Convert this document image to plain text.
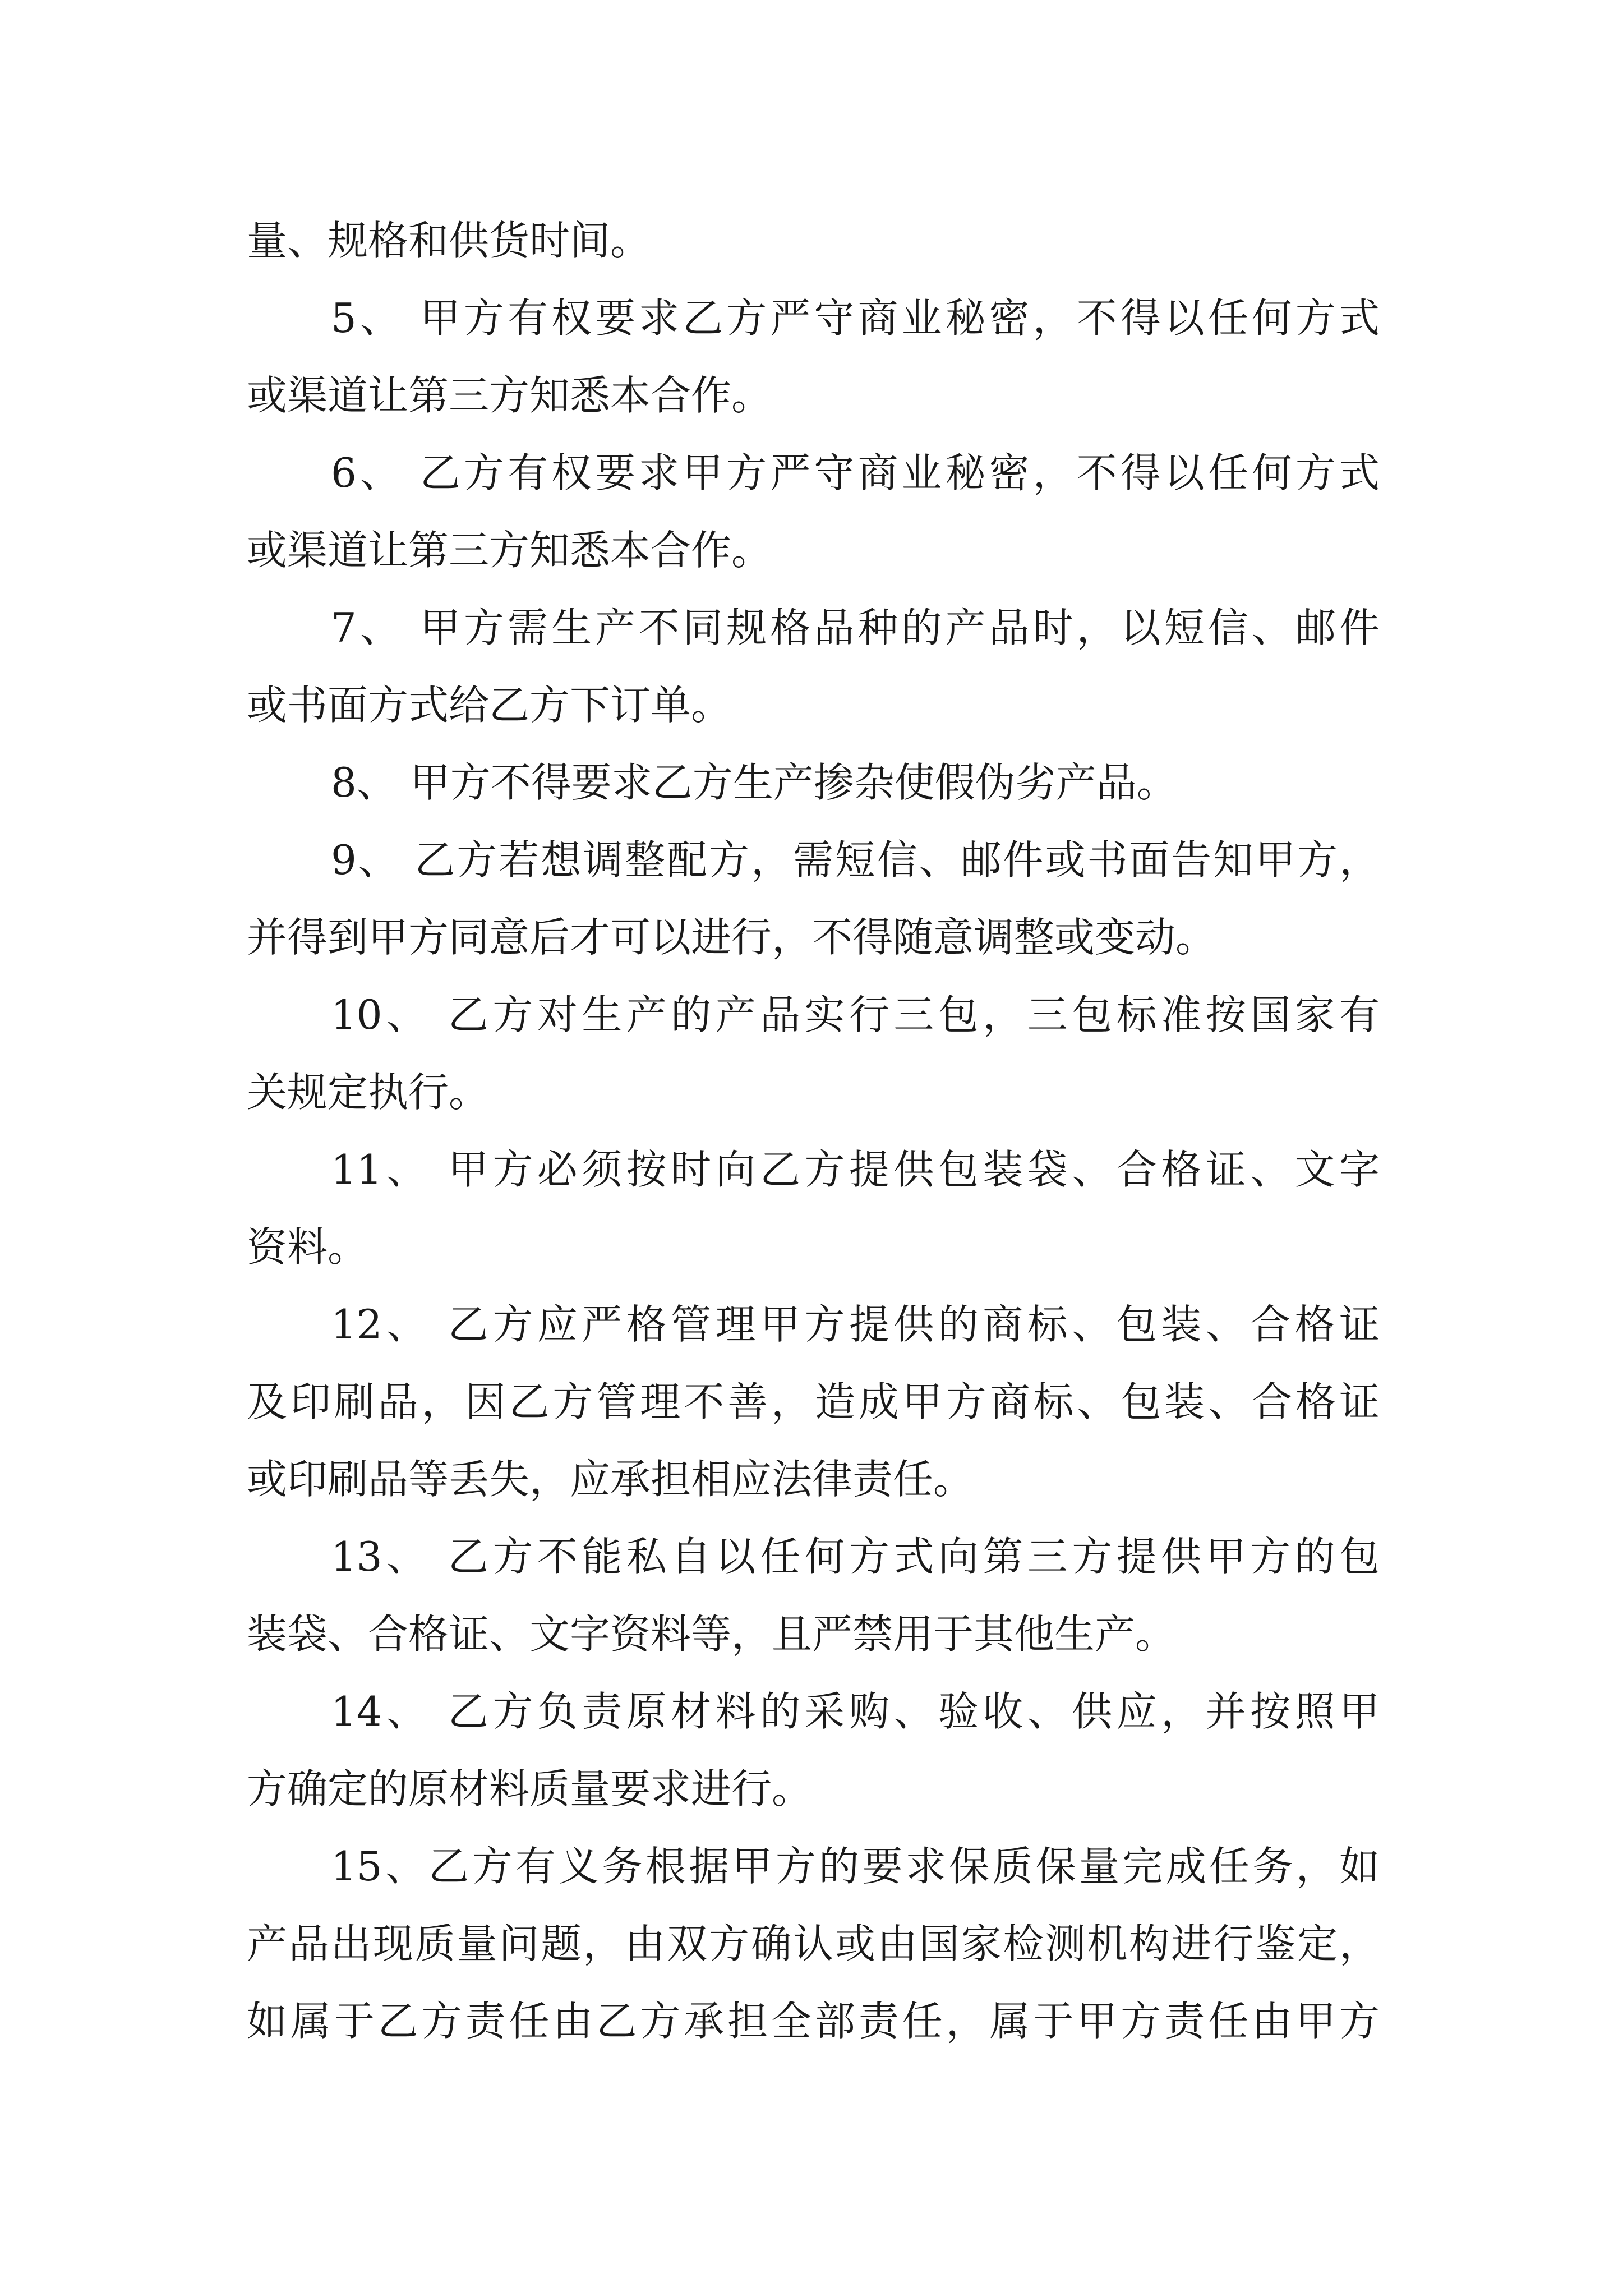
量、规格和供货时间。
5、 甲方有权要求乙方严守商业秘密，不得以任何方式
或渠道让第三方知悉本合作。
6、 乙方有权要求甲方严守商业秘密，不得以任何方式
或渠道让第三方知悉本合作。
7、 甲方需生产不同规格品种的产品时，以短信、邮件
或书面方式给乙方下订单。
8、 甲方不得要求乙方生产掺杂使假伪劣产品。
9、 乙方若想调整配方，需短信、邮件或书面告知甲方，
并得到甲方同意后才可以进行，不得随意调整或变动。
10、 乙方对生产的产品实行三包，三包标准按国家有
关规定执行。
11、 甲方必须按时向乙方提供包装袋、合格证、文字
资料。
12、 乙方应严格管理甲方提供的商标、包装、合格证
及印刷品，因乙方管理不善，造成甲方商标、包装、合格证
或印刷品等丢失，应承担相应法律责任。
13、 乙方不能私自以任何方式向第三方提供甲方的包
装袋、合格证、文字资料等，且严禁用于其他生产。
14、 乙方负责原材料的采购、验收、供应，并按照甲
方确定的原材料质量要求进行。
15、乙方有义务根据甲方的要求保质保量完成任务，如
产品出现质量问题，由双方确认或由国家检测机构进行鉴定，
如属于乙方责任由乙方承担全部责任，属于甲方责任由甲方
